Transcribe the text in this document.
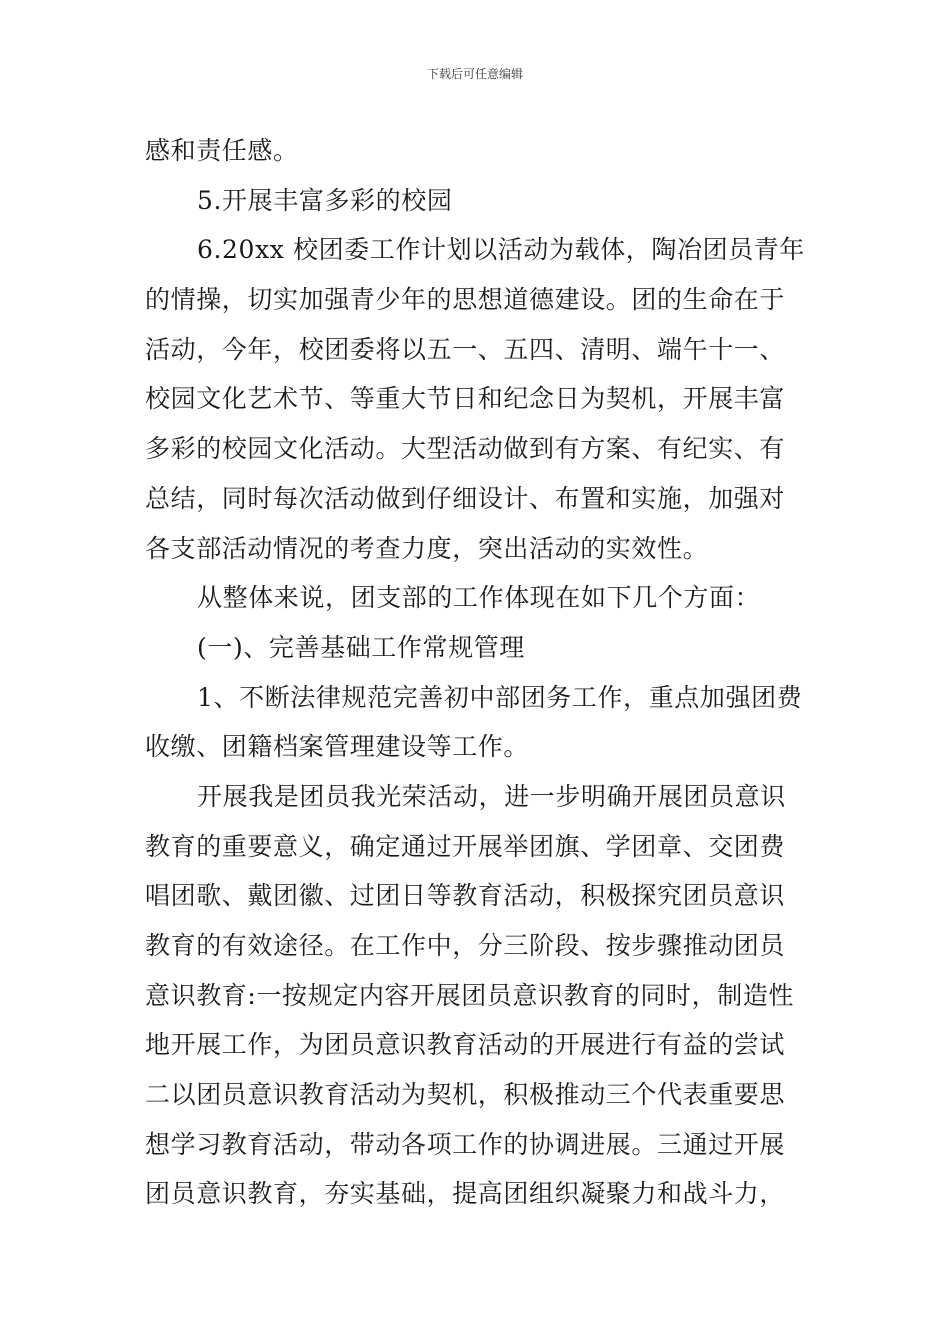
下载后可任意编辑
感和责任感。
5.开展丰富多彩的校园
6.20xx 校团委工作计划以活动为载体，陶冶团员青年
的情操，切实加强青少年的思想道德建设。团的生命在于
活动，今年，校团委将以五一、五四、清明、端午十一、
校园文化艺术节、等重大节日和纪念日为契机，开展丰富
多彩的校园文化活动。大型活动做到有方案、有纪实、有
总结，同时每次活动做到仔细设计、布置和实施，加强对
各支部活动情况的考查力度，突出活动的实效性。
从整体来说，团支部的工作体现在如下几个方面：
(一)、完善基础工作常规管理
1、不断法律规范完善初中部团务工作，重点加强团费
收缴、团籍档案管理建设等工作。
开展我是团员我光荣活动，进一步明确开展团员意识
教育的重要意义，确定通过开展举团旗、学团章、交团费
唱团歌、戴团徽、过团日等教育活动，积极探究团员意识
教育的有效途径。在工作中，分三阶段、按步骤推动团员
意识教育:一按规定内容开展团员意识教育的同时，制造性
地开展工作，为团员意识教育活动的开展进行有益的尝试
二以团员意识教育活动为契机，积极推动三个代表重要思
想学习教育活动，带动各项工作的协调进展。三通过开展
团员意识教育，夯实基础，提高团组织凝聚力和战斗力，
